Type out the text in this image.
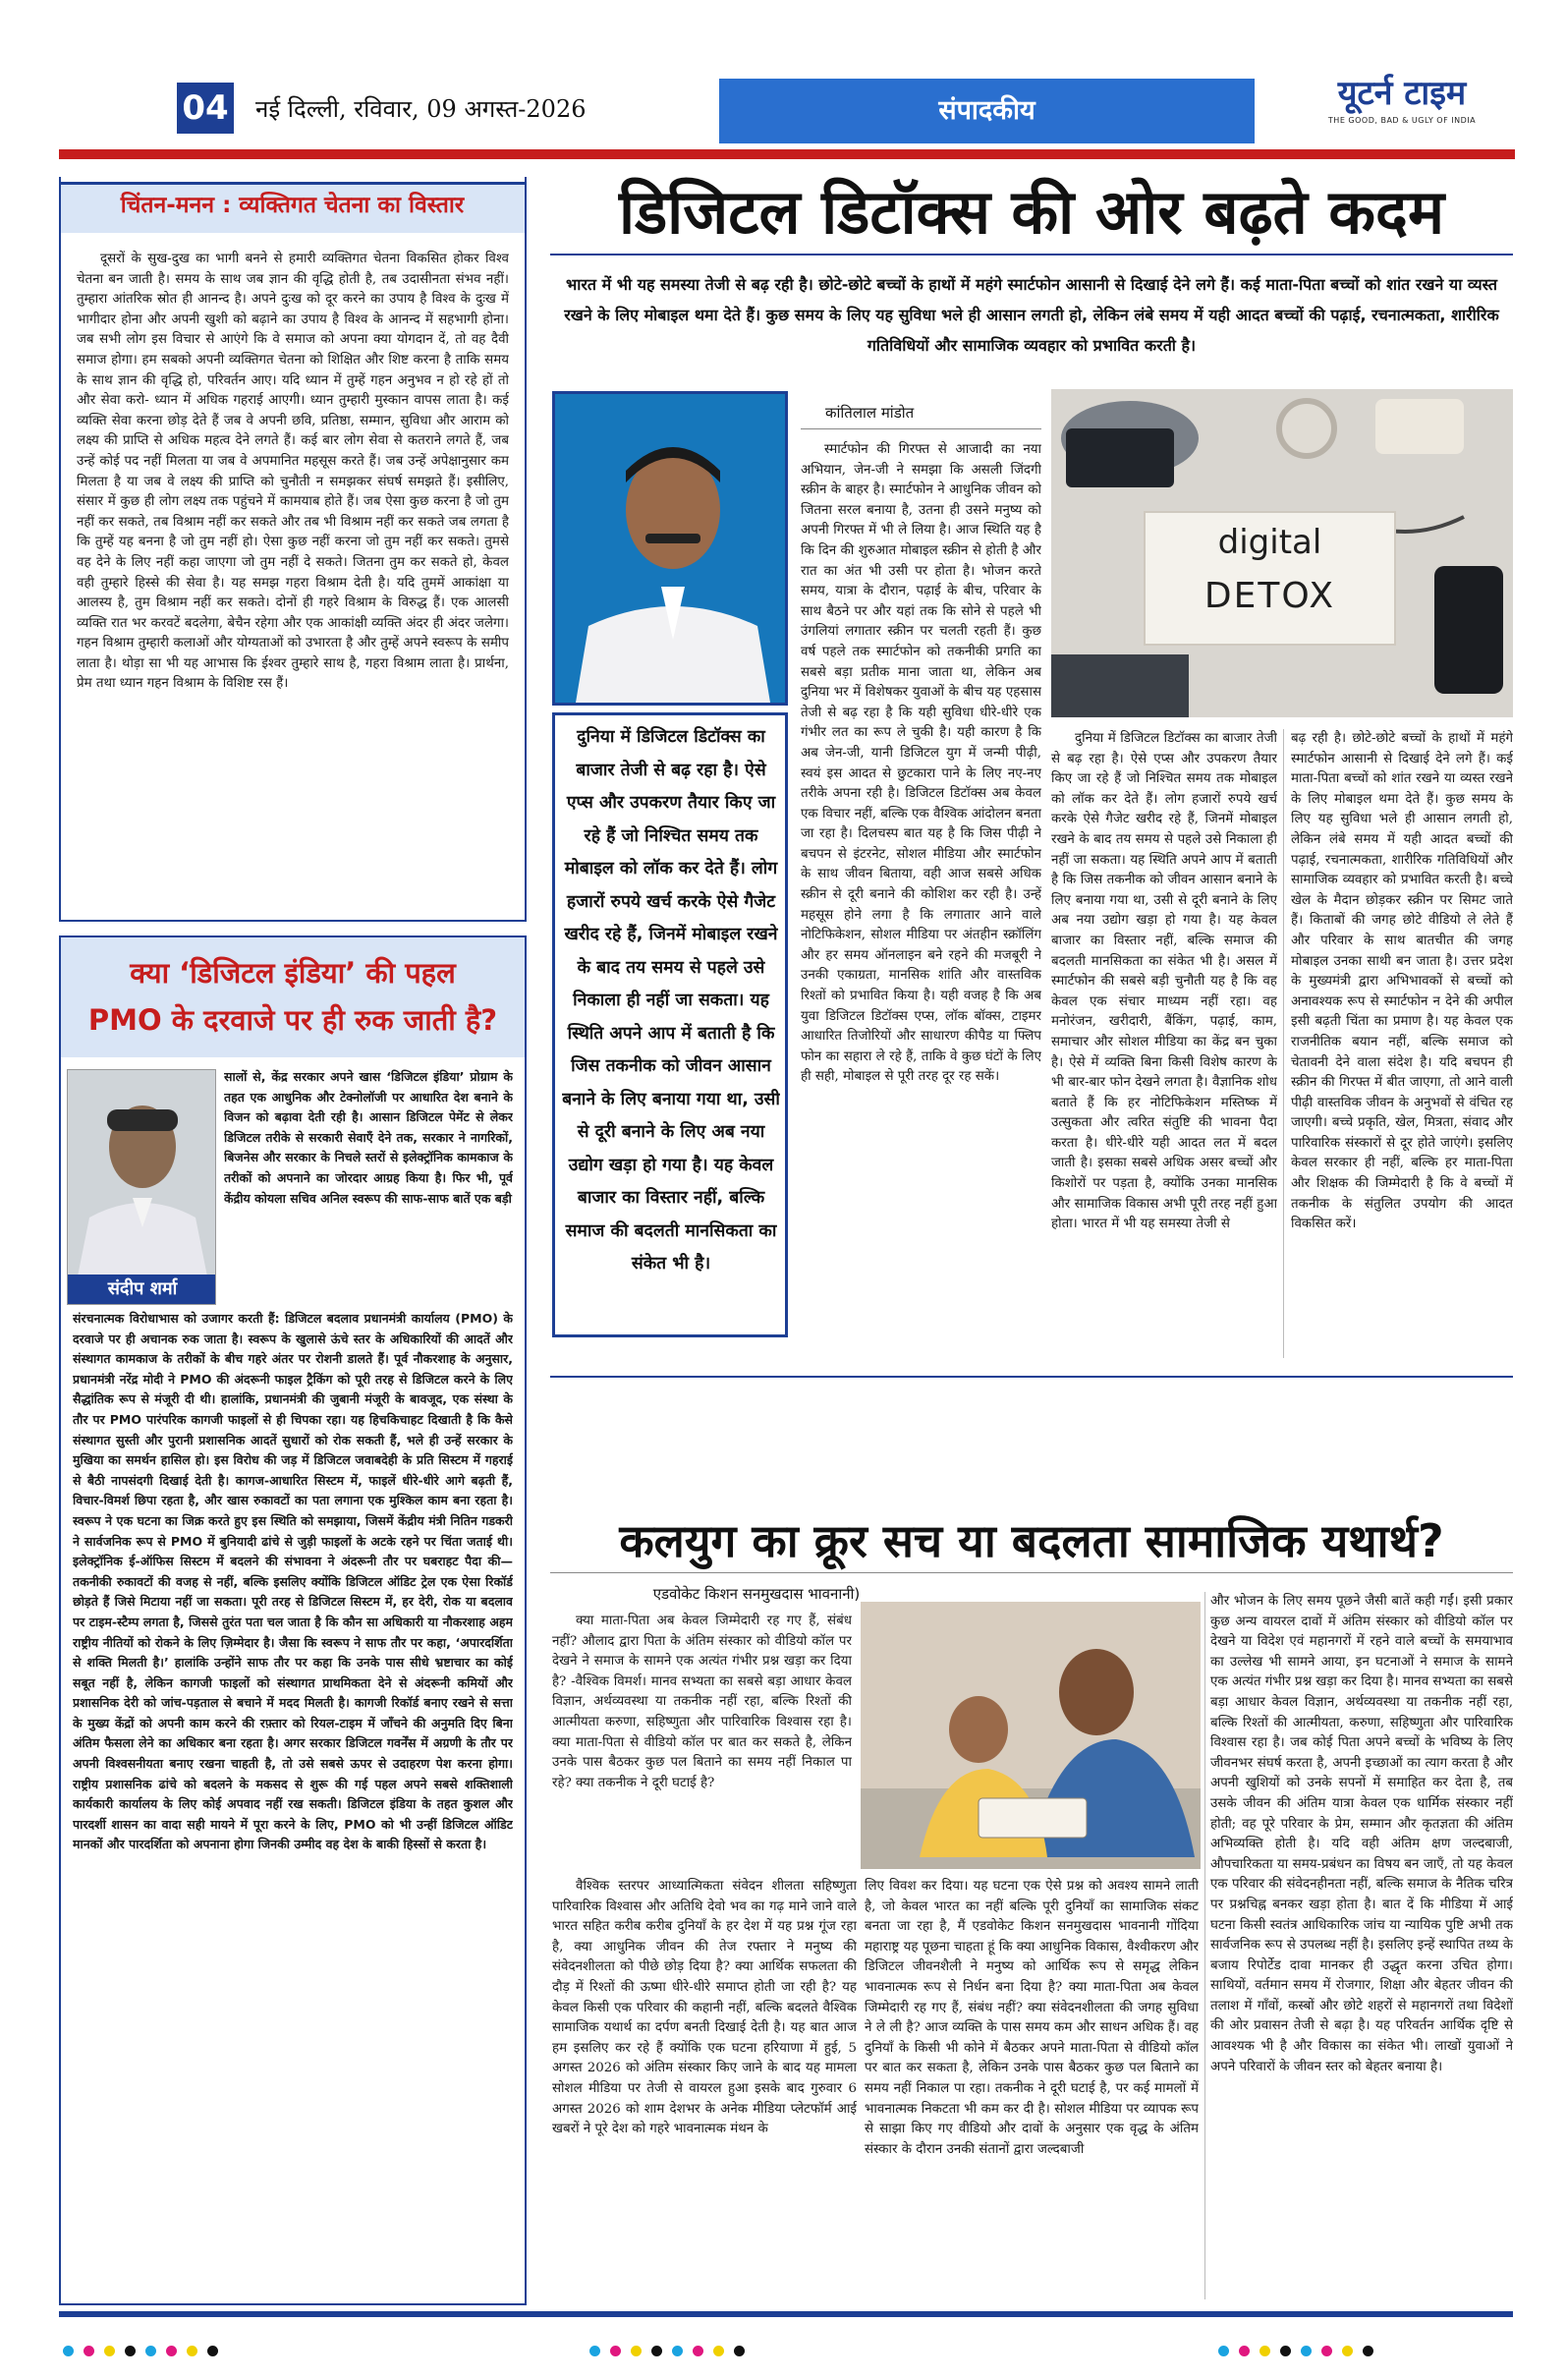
04	नई दिल्ली, रविवार, 09 अगस्त-2026	संपादकीय	यूटर्न टाइम
THE GOOD, BAD & UGLY OF INDIA
चिंतन-मनन : व्यक्तिगत चेतना का विस्तार
दूसरों के सुख-दुख का भागी बनने से हमारी व्यक्तिगत चेतना विकसित होकर विश्व चेतना बन जाती है। समय के साथ जब ज्ञान की वृद्धि होती है, तब उदासीनता संभव नहीं। तुम्हारा आंतरिक स्रोत ही आनन्द है। अपने दुःख को दूर करने का उपाय है विश्व के दुःख में भागीदार होना और अपनी खुशी को बढ़ाने का उपाय है विश्व के आनन्द में सहभागी होना। जब सभी लोग इस विचार से आएंगे कि वे समाज को अपना क्या योगदान दें, तो वह दैवी समाज होगा। हम सबको अपनी व्यक्तिगत चेतना को शिक्षित और शिष्ट करना है ताकि समय के साथ ज्ञान की वृद्धि हो, परिवर्तन आए। यदि ध्यान में तुम्हें गहन अनुभव न हो रहे हों तो और सेवा करो- ध्यान में अधिक गहराई आएगी। ध्यान तुम्हारी मुस्कान वापस लाता है। कई व्यक्ति सेवा करना छोड़ देते हैं जब वे अपनी छवि, प्रतिष्ठा, सम्मान, सुविधा और आराम को लक्ष्य की प्राप्ति से अधिक महत्व देने लगते हैं। कई बार लोग सेवा से कतराने लगते हैं, जब उन्हें कोई पद नहीं मिलता या जब वे अपमानित महसूस करते हैं। जब उन्हें अपेक्षानुसार कम मिलता है या जब वे लक्ष्य की प्राप्ति को चुनौती न समझकर संघर्ष समझते हैं। इसीलिए, संसार में कुछ ही लोग लक्ष्य तक पहुंचने में कामयाब होते हैं। जब ऐसा कुछ करना है जो तुम नहीं कर सकते, तब विश्राम नहीं कर सकते और तब भी विश्राम नहीं कर सकते जब लगता है कि तुम्हें यह बनना है जो तुम नहीं हो। ऐसा कुछ नहीं करना जो तुम नहीं कर सकते। तुमसे वह देने के लिए नहीं कहा जाएगा जो तुम नहीं दे सकते। जितना तुम कर सकते हो, केवल वही तुम्हारे हिस्से की सेवा है। यह समझ गहरा विश्राम देती है। यदि तुममें आकांक्षा या आलस्य है, तुम विश्राम नहीं कर सकते। दोनों ही गहरे विश्राम के विरुद्ध हैं। एक आलसी व्यक्ति रात भर करवटें बदलेगा, बेचैन रहेगा और एक आकांक्षी व्यक्ति अंदर ही अंदर जलेगा। गहन विश्राम तुम्हारी कलाओं और योग्यताओं को उभारता है और तुम्हें अपने स्वरूप के समीप लाता है। थोड़ा सा भी यह आभास कि ईश्वर तुम्हारे साथ है, गहरा विश्राम लाता है। प्रार्थना, प्रेम तथा ध्यान गहन विश्राम के विशिष्ट रस हैं।
क्या ‘डिजिटल इंडिया’ की पहल
PMO के दरवाजे पर ही रुक जाती है?
संदीप शर्मा
सालों से, केंद्र सरकार अपने खास ‘डिजिटल इंडिया’ प्रोग्राम के तहत एक आधुनिक और टेक्नोलॉजी पर आधारित देश बनाने के विजन को बढ़ावा देती रही है। आसान डिजिटल पेमेंट से लेकर डिजिटल तरीके से सरकारी सेवाएँ देने तक, सरकार ने नागरिकों, बिजनेस और सरकार के निचले स्तरों से इलेक्ट्रॉनिक कामकाज के तरीकों को अपनाने का जोरदार आग्रह किया है। फिर भी, पूर्व केंद्रीय कोयला सचिव अनिल स्वरूप की साफ-साफ बातें एक बड़ी
संरचनात्मक विरोधाभास को उजागर करती हैं: डिजिटल बदलाव प्रधानमंत्री कार्यालय (PMO) के दरवाजे पर ही अचानक रुक जाता है। स्वरूप के खुलासे ऊंचे स्तर के अधिकारियों की आदतें और संस्थागत कामकाज के तरीकों के बीच गहरे अंतर पर रोशनी डालते हैं। पूर्व नौकरशाह के अनुसार, प्रधानमंत्री नरेंद्र मोदी ने PMO की अंदरूनी फाइल ट्रैकिंग को पूरी तरह से डिजिटल करने के लिए सैद्धांतिक रूप से मंजूरी दी थी। हालांकि, प्रधानमंत्री की जुबानी मंजूरी के बावजूद, एक संस्था के तौर पर PMO पारंपरिक कागजी फाइलों से ही चिपका रहा। यह हिचकिचाहट दिखाती है कि कैसे संस्थागत सुस्ती और पुरानी प्रशासनिक आदतें सुधारों को रोक सकती हैं, भले ही उन्हें सरकार के मुखिया का समर्थन हासिल हो। इस विरोध की जड़ में डिजिटल जवाबदेही के प्रति सिस्टम में गहराई से बैठी नापसंदगी दिखाई देती है। कागज-आधारित सिस्टम में, फाइलें धीरे-धीरे आगे बढ़ती हैं, विचार-विमर्श छिपा रहता है, और खास रुकावटों का पता लगाना एक मुश्किल काम बना रहता है। स्वरूप ने एक घटना का जिक्र करते हुए इस स्थिति को समझाया, जिसमें केंद्रीय मंत्री नितिन गडकरी ने सार्वजनिक रूप से PMO में बुनियादी ढांचे से जुड़ी फाइलों के अटके रहने पर चिंता जताई थी। इलेक्ट्रॉनिक ई-ऑफिस सिस्टम में बदलने की संभावना ने अंदरूनी तौर पर घबराहट पैदा की—तकनीकी रुकावटों की वजह से नहीं, बल्कि इसलिए क्योंकि डिजिटल ऑडिट ट्रेल एक ऐसा रिकॉर्ड छोड़ते हैं जिसे मिटाया नहीं जा सकता। पूरी तरह से डिजिटल सिस्टम में, हर देरी, रोक या बदलाव पर टाइम-स्टैम्प लगता है, जिससे तुरंत पता चल जाता है कि कौन सा अधिकारी या नौकरशाह अहम राष्ट्रीय नीतियों को रोकने के लिए ज़िम्मेदार है। जैसा कि स्वरूप ने साफ तौर पर कहा, ‘अपारदर्शिता से शक्ति मिलती है।’ हालांकि उन्होंने साफ तौर पर कहा कि उनके पास सीधे भ्रष्टाचार का कोई सबूत नहीं है, लेकिन कागजी फाइलों को संस्थागत प्राथमिकता देने से अंदरूनी कमियों और प्रशासनिक देरी को जांच-पड़ताल से बचाने में मदद मिलती है। कागजी रिकॉर्ड बनाए रखने से सत्ता के मुख्य केंद्रों को अपनी काम करने की रफ़्तार को रियल-टाइम में जाँचने की अनुमति दिए बिना अंतिम फैसला लेने का अधिकार बना रहता है। अगर सरकार डिजिटल गवर्नेंस में अग्रणी के तौर पर अपनी विश्वसनीयता बनाए रखना चाहती है, तो उसे सबसे ऊपर से उदाहरण पेश करना होगा। राष्ट्रीय प्रशासनिक ढांचे को बदलने के मकसद से शुरू की गई पहल अपने सबसे शक्तिशाली कार्यकारी कार्यालय के लिए कोई अपवाद नहीं रख सकती। डिजिटल इंडिया के तहत कुशल और पारदर्शी शासन का वादा सही मायने में पूरा करने के लिए, PMO को भी उन्हीं डिजिटल ऑडिट मानकों और पारदर्शिता को अपनाना होगा जिनकी उम्मीद वह देश के बाकी हिस्सों से करता है।
डिजिटल डिटॉक्स की ओर बढ़ते कदम
भारत में भी यह समस्या तेजी से बढ़ रही है। छोटे-छोटे बच्चों के हाथों में महंगे स्मार्टफोन आसानी से दिखाई देने लगे हैं। कई माता-पिता बच्चों को शांत रखने या व्यस्त रखने के लिए मोबाइल थमा देते हैं। कुछ समय के लिए यह सुविधा भले ही आसान लगती हो, लेकिन लंबे समय में यही आदत बच्चों की पढ़ाई, रचनात्मकता, शारीरिक गतिविधियों और सामाजिक व्यवहार को प्रभावित करती है।
दुनिया में डिजिटल डिटॉक्स का बाजार तेजी से बढ़ रहा है। ऐसे एप्स और उपकरण तैयार किए जा रहे हैं जो निश्चित समय तक मोबाइल को लॉक कर देते हैं। लोग हजारों रुपये खर्च करके ऐसे गैजेट खरीद रहे हैं, जिनमें मोबाइल रखने के बाद तय समय से पहले उसे निकाला ही नहीं जा सकता। यह स्थिति अपने आप में बताती है कि जिस तकनीक को जीवन आसान बनाने के लिए बनाया गया था, उसी से दूरी बनाने के लिए अब नया उद्योग खड़ा हो गया है। यह केवल बाजार का विस्तार नहीं, बल्कि समाज की बदलती मानसिकता का संकेत भी है।
कांतिलाल मांडोत
स्मार्टफोन की गिरफ्त से आजादी का नया अभियान, जेन-जी ने समझा कि असली जिंदगी स्क्रीन के बाहर है। स्मार्टफोन ने आधुनिक जीवन को जितना सरल बनाया है, उतना ही उसने मनुष्य को अपनी गिरफ्त में भी ले लिया है। आज स्थिति यह है कि दिन की शुरुआत मोबाइल स्क्रीन से होती है और रात का अंत भी उसी पर होता है। भोजन करते समय, यात्रा के दौरान, पढ़ाई के बीच, परिवार के साथ बैठने पर और यहां तक कि सोने से पहले भी उंगलियां लगातार स्क्रीन पर चलती रहती हैं। कुछ वर्ष पहले तक स्मार्टफोन को तकनीकी प्रगति का सबसे बड़ा प्रतीक माना जाता था, लेकिन अब दुनिया भर में विशेषकर युवाओं के बीच यह एहसास तेजी से बढ़ रहा है कि यही सुविधा धीरे-धीरे एक गंभीर लत का रूप ले चुकी है। यही कारण है कि अब जेन-जी, यानी डिजिटल युग में जन्मी पीढ़ी, स्वयं इस आदत से छुटकारा पाने के लिए नए-नए तरीके अपना रही है। डिजिटल डिटॉक्स अब केवल एक विचार नहीं, बल्कि एक वैश्विक आंदोलन बनता जा रहा है। दिलचस्प बात यह है कि जिस पीढ़ी ने बचपन से इंटरनेट, सोशल मीडिया और स्मार्टफोन के साथ जीवन बिताया, वही आज सबसे अधिक स्क्रीन से दूरी बनाने की कोशिश कर रही है। उन्हें महसूस होने लगा है कि लगातार आने वाले नोटिफिकेशन, सोशल मीडिया पर अंतहीन स्क्रॉलिंग और हर समय ऑनलाइन बने रहने की मजबूरी ने उनकी एकाग्रता, मानसिक शांति और वास्तविक रिश्तों को प्रभावित किया है। यही वजह है कि अब युवा डिजिटल डिटॉक्स एप्स, लॉक बॉक्स, टाइमर आधारित तिजोरियों और साधारण कीपैड या फ्लिप फोन का सहारा ले रहे हैं, ताकि वे कुछ घंटों के लिए ही सही, मोबाइल से पूरी तरह दूर रह सकें।
digital
DETOX
दुनिया में डिजिटल डिटॉक्स का बाजार तेजी से बढ़ रहा है। ऐसे एप्स और उपकरण तैयार किए जा रहे हैं जो निश्चित समय तक मोबाइल को लॉक कर देते हैं। लोग हजारों रुपये खर्च करके ऐसे गैजेट खरीद रहे हैं, जिनमें मोबाइल रखने के बाद तय समय से पहले उसे निकाला ही नहीं जा सकता। यह स्थिति अपने आप में बताती है कि जिस तकनीक को जीवन आसान बनाने के लिए बनाया गया था, उसी से दूरी बनाने के लिए अब नया उद्योग खड़ा हो गया है। यह केवल बाजार का विस्तार नहीं, बल्कि समाज की बदलती मानसिकता का संकेत भी है। असल में स्मार्टफोन की सबसे बड़ी चुनौती यह है कि वह केवल एक संचार माध्यम नहीं रहा। वह मनोरंजन, खरीदारी, बैंकिंग, पढ़ाई, काम, समाचार और सोशल मीडिया का केंद्र बन चुका है। ऐसे में व्यक्ति बिना किसी विशेष कारण के भी बार-बार फोन देखने लगता है। वैज्ञानिक शोध बताते हैं कि हर नोटिफिकेशन मस्तिष्क में उत्सुकता और त्वरित संतुष्टि की भावना पैदा करता है। धीरे-धीरे यही आदत लत में बदल जाती है। इसका सबसे अधिक असर बच्चों और किशोरों पर पड़ता है, क्योंकि उनका मानसिक और सामाजिक विकास अभी पूरी तरह नहीं हुआ होता। भारत में भी यह समस्या तेजी से
बढ़ रही है। छोटे-छोटे बच्चों के हाथों में महंगे स्मार्टफोन आसानी से दिखाई देने लगे हैं। कई माता-पिता बच्चों को शांत रखने या व्यस्त रखने के लिए मोबाइल थमा देते हैं। कुछ समय के लिए यह सुविधा भले ही आसान लगती हो, लेकिन लंबे समय में यही आदत बच्चों की पढ़ाई, रचनात्मकता, शारीरिक गतिविधियों और सामाजिक व्यवहार को प्रभावित करती है। बच्चे खेल के मैदान छोड़कर स्क्रीन पर सिमट जाते हैं। किताबों की जगह छोटे वीडियो ले लेते हैं और परिवार के साथ बातचीत की जगह मोबाइल उनका साथी बन जाता है। उत्तर प्रदेश के मुख्यमंत्री द्वारा अभिभावकों से बच्चों को अनावश्यक रूप से स्मार्टफोन न देने की अपील इसी बढ़ती चिंता का प्रमाण है। यह केवल एक राजनीतिक बयान नहीं, बल्कि समाज को चेतावनी देने वाला संदेश है। यदि बचपन ही स्क्रीन की गिरफ्त में बीत जाएगा, तो आने वाली पीढ़ी वास्तविक जीवन के अनुभवों से वंचित रह जाएगी। बच्चे प्रकृति, खेल, मित्रता, संवाद और पारिवारिक संस्कारों से दूर होते जाएंगे। इसलिए केवल सरकार ही नहीं, बल्कि हर माता-पिता और शिक्षक की जिम्मेदारी है कि वे बच्चों में तकनीक के संतुलित उपयोग की आदत विकसित करें।
कलयुग का क्रूर सच या बदलता सामाजिक यथार्थ?
एडवोकेट किशन सनमुखदास भावनानी)
क्या माता-पिता अब केवल जिम्मेदारी रह गए हैं, संबंध नहीं? औलाद द्वारा पिता के अंतिम संस्कार को वीडियो कॉल पर देखने ने समाज के सामने एक अत्यंत गंभीर प्रश्न खड़ा कर दिया है? -वैश्विक विमर्श। मानव सभ्यता का सबसे बड़ा आधार केवल विज्ञान, अर्थव्यवस्था या तकनीक नहीं रहा, बल्कि रिश्तों की आत्मीयता करुणा, सहिष्णुता और पारिवारिक विश्वास रहा है। क्या माता-पिता से वीडियो कॉल पर बात कर सकते है, लेकिन उनके पास बैठकर कुछ पल बिताने का समय नहीं निकाल पा रहे? क्या तकनीक ने दूरी घटाई है?
वैश्विक स्तरपर आध्यात्मिकता संवेदन शीलता सहिष्णुता पारिवारिक विश्वास और अतिथि देवो भव का गढ़ माने जाने वाले भारत सहित करीब करीब दुनियाँ के हर देश में यह प्रश्न गूंज रहा है, क्या आधुनिक जीवन की तेज रफ्तार ने मनुष्य की संवेदनशीलता को पीछे छोड़ दिया है? क्या आर्थिक सफलता की दौड़ में रिश्तों की ऊष्मा धीरे-धीरे समाप्त होती जा रही है? यह केवल किसी एक परिवार की कहानी नहीं, बल्कि बदलते वैश्विक सामाजिक यथार्थ का दर्पण बनती दिखाई देती है। यह बात आज हम इसलिए कर रहे हैं क्योंकि एक घटना हरियाणा में हुई, 5 अगस्त 2026 को अंतिम संस्कार किए जाने के बाद यह मामला सोशल मीडिया पर तेजी से वायरल हुआ इसके बाद गुरुवार 6 अगस्त 2026 को शाम देशभर के अनेक मीडिया प्लेटफॉर्म आई खबरों ने पूरे देश को गहरे भावनात्मक मंथन के
लिए विवश कर दिया। यह घटना एक ऐसे प्रश्न को अवश्य सामने लाती है, जो केवल भारत का नहीं बल्कि पूरी दुनियाँ का सामाजिक संकट बनता जा रहा है, मैं एडवोकेट किशन सनमुखदास भावनानी गोंदिया महाराष्ट्र यह पूछना चाहता हूं कि क्या आधुनिक विकास, वैश्वीकरण और डिजिटल जीवनशैली ने मनुष्य को आर्थिक रूप से समृद्ध लेकिन भावनात्मक रूप से निर्धन बना दिया है? क्या माता-पिता अब केवल जिम्मेदारी रह गए हैं, संबंध नहीं? क्या संवेदनशीलता की जगह सुविधा ने ले ली है? आज व्यक्ति के पास समय कम और साधन अधिक हैं। वह दुनियाँ के किसी भी कोने में बैठकर अपने माता-पिता से वीडियो कॉल पर बात कर सकता है, लेकिन उनके पास बैठकर कुछ पल बिताने का समय नहीं निकाल पा रहा। तकनीक ने दूरी घटाई है, पर कई मामलों में भावनात्मक निकटता भी कम कर दी है। सोशल मीडिया पर व्यापक रूप से साझा किए गए वीडियो और दावों के अनुसार एक वृद्ध के अंतिम संस्कार के दौरान उनकी संतानों द्वारा जल्दबाजी
और भोजन के लिए समय पूछने जैसी बातें कही गईं। इसी प्रकार कुछ अन्य वायरल दावों में अंतिम संस्कार को वीडियो कॉल पर देखने या विदेश एवं महानगरों में रहने वाले बच्चों के समयाभाव का उल्लेख भी सामने आया, इन घटनाओं ने समाज के सामने एक अत्यंत गंभीर प्रश्न खड़ा कर दिया है। मानव सभ्यता का सबसे बड़ा आधार केवल विज्ञान, अर्थव्यवस्था या तकनीक नहीं रहा, बल्कि रिश्तों की आत्मीयता, करुणा, सहिष्णुता और पारिवारिक विश्वास रहा है। जब कोई पिता अपने बच्चों के भविष्य के लिए जीवनभर संघर्ष करता है, अपनी इच्छाओं का त्याग करता है और अपनी खुशियों को उनके सपनों में समाहित कर देता है, तब उसके जीवन की अंतिम यात्रा केवल एक धार्मिक संस्कार नहीं होती; वह पूरे परिवार के प्रेम, सम्मान और कृतज्ञता की अंतिम अभिव्यक्ति होती है। यदि वही अंतिम क्षण जल्दबाजी, औपचारिकता या समय-प्रबंधन का विषय बन जाएँ, तो यह केवल एक परिवार की संवेदनहीनता नहीं, बल्कि समाज के नैतिक चरित्र पर प्रश्नचिह्न बनकर खड़ा होता है। बात दें कि मीडिया में आई घटना किसी स्वतंत्र आधिकारिक जांच या न्यायिक पुष्टि अभी तक सार्वजनिक रूप से उपलब्ध नहीं है। इसलिए इन्हें स्थापित तथ्य के बजाय रिपोर्टेड दावा मानकर ही उद्धृत करना उचित होगा। साथियों, वर्तमान समय में रोजगार, शिक्षा और बेहतर जीवन की तलाश में गाँवों, कस्बों और छोटे शहरों से महानगरों तथा विदेशों की ओर प्रवासन तेजी से बढ़ा है। यह परिवर्तन आर्थिक दृष्टि से आवश्यक भी है और विकास का संकेत भी। लाखों युवाओं ने अपने परिवारों के जीवन स्तर को बेहतर बनाया है।
